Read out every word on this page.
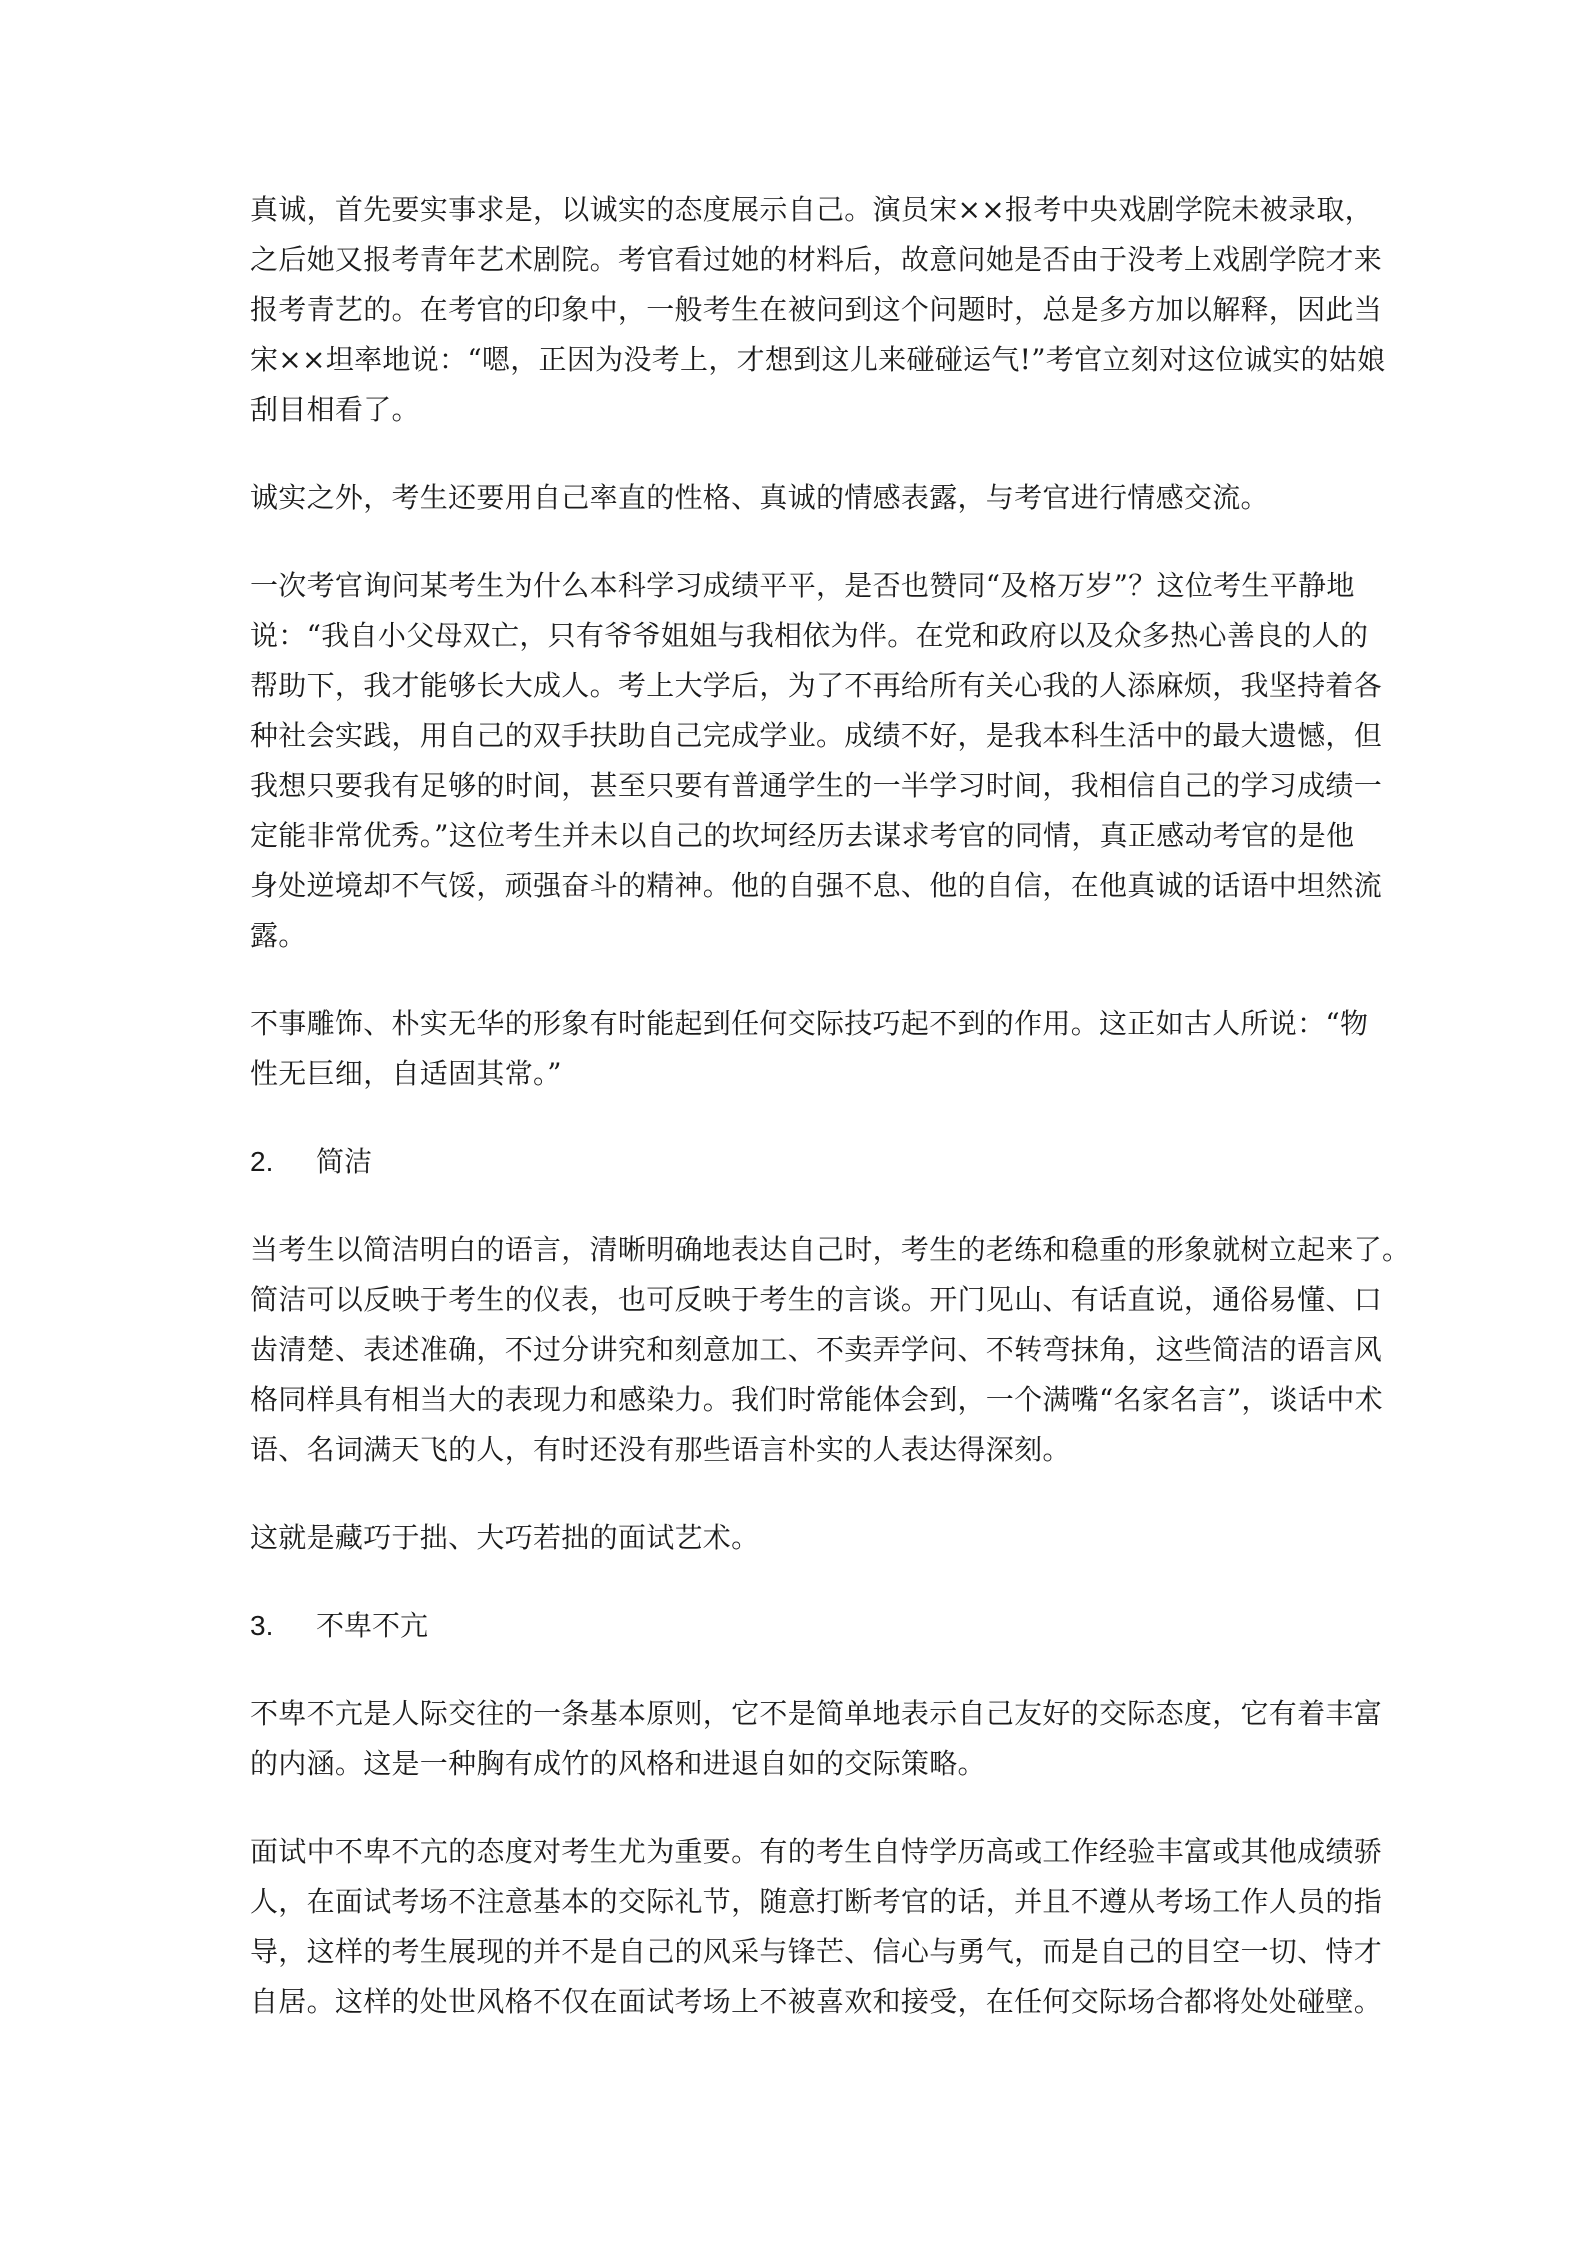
真诚，首先要实事求是，以诚实的态度展示自己。演员宋××报考中央戏剧学院未被录取，
之后她又报考青年艺术剧院。考官看过她的材料后，故意问她是否由于没考上戏剧学院才来
报考青艺的。在考官的印象中，一般考生在被问到这个问题时，总是多方加以解释，因此当
宋××坦率地说：“嗯，正因为没考上，才想到这儿来碰碰运气!”考官立刻对这位诚实的姑娘
刮目相看了。

诚实之外，考生还要用自己率直的性格、真诚的情感表露，与考官进行情感交流。

一次考官询问某考生为什么本科学习成绩平平，是否也赞同“及格万岁”？这位考生平静地
说：“我自小父母双亡，只有爷爷姐姐与我相依为伴。在党和政府以及众多热心善良的人的
帮助下，我才能够长大成人。考上大学后，为了不再给所有关心我的人添麻烦，我坚持着各
种社会实践，用自己的双手扶助自己完成学业。成绩不好，是我本科生活中的最大遗憾，但
我想只要我有足够的时间，甚至只要有普通学生的一半学习时间，我相信自己的学习成绩一
定能非常优秀。”这位考生并未以自己的坎坷经历去谋求考官的同情，真正感动考官的是他
身处逆境却不气馁，顽强奋斗的精神。他的自强不息、他的自信，在他真诚的话语中坦然流
露。

不事雕饰、朴实无华的形象有时能起到任何交际技巧起不到的作用。这正如古人所说：“物
性无巨细，自适固其常。”

2. 简洁

当考生以简洁明白的语言，清晰明确地表达自己时，考生的老练和稳重的形象就树立起来了。
简洁可以反映于考生的仪表，也可反映于考生的言谈。开门见山、有话直说，通俗易懂、口
齿清楚、表述准确，不过分讲究和刻意加工、不卖弄学问、不转弯抹角，这些简洁的语言风
格同样具有相当大的表现力和感染力。我们时常能体会到，一个满嘴“名家名言”，谈话中术
语、名词满天飞的人，有时还没有那些语言朴实的人表达得深刻。

这就是藏巧于拙、大巧若拙的面试艺术。

3. 不卑不亢

不卑不亢是人际交往的一条基本原则，它不是简单地表示自己友好的交际态度，它有着丰富
的内涵。这是一种胸有成竹的风格和进退自如的交际策略。

面试中不卑不亢的态度对考生尤为重要。有的考生自恃学历高或工作经验丰富或其他成绩骄
人，在面试考场不注意基本的交际礼节，随意打断考官的话，并且不遵从考场工作人员的指
导，这样的考生展现的并不是自己的风采与锋芒、信心与勇气，而是自己的目空一切、恃才
自居。这样的处世风格不仅在面试考场上不被喜欢和接受，在任何交际场合都将处处碰壁。
